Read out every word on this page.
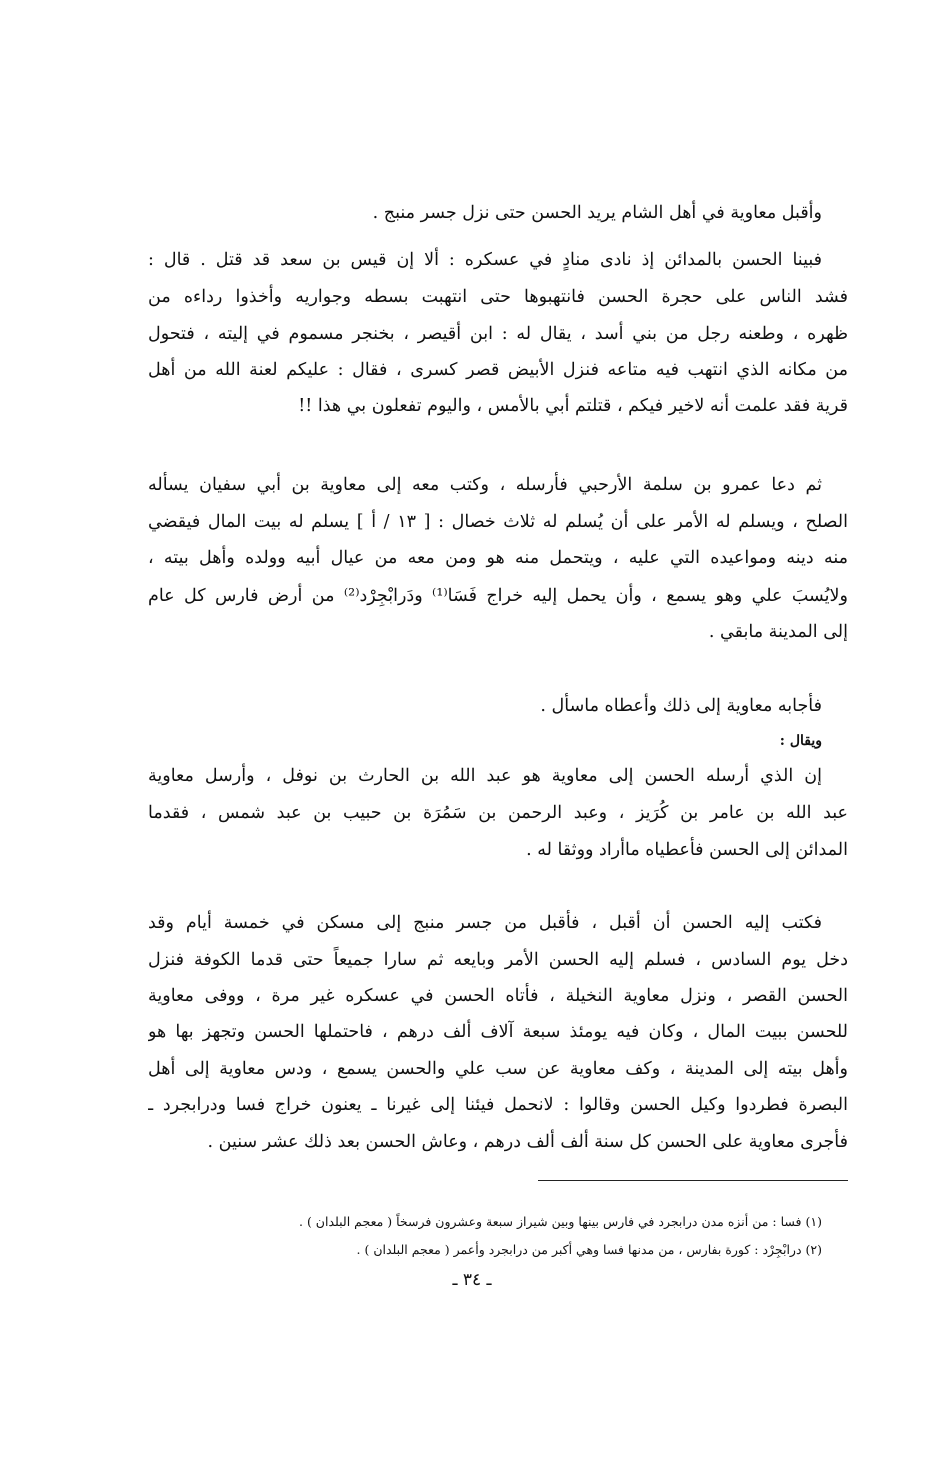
وأقبل معاوية في أهل الشام يريد الحسن حتى نزل جسر منبج .
فبينا الحسن بالمدائن إذ نادى منادٍ في عسكره : ألا إن قيس بن سعد قد قتل . قال :
فشد الناس على حجرة الحسن فانتهبوها حتى انتهبت بسطه وجواريه وأخذوا رداءه من
ظهره ، وطعنه رجل من بني أسد ، يقال له : ابن أقيصر ، بخنجر مسموم في إليته ، فتحول
من مكانه الذي انتهب فيه متاعه فنزل الأبيض قصر كسرى ، فقال : عليكم لعنة الله من أهل
قرية فقد علمت أنه لاخير فيكم ، قتلتم أبي بالأمس ، واليوم تفعلون بي هذا !!
ثم دعا عمرو بن سلمة الأرحبي فأرسله ، وكتب معه إلى معاوية بن أبي سفيان يسأله
الصلح ، ويسلم له الأمر على أن يُسلم له ثلاث خصال : [ ١٣ / أ ] يسلم له بيت المال فيقضي
منه دينه ومواعيده التي عليه ، ويتحمل منه هو ومن معه من عيال أبيه وولده وأهل بيته ،
ولايُسبَ علي وهو يسمع ، وأن يحمل إليه خراج فَسَا⁽¹⁾ ودَرابْجِرْد⁽²⁾ من أرض فارس كل عام
إلى المدينة مابقي .
فأجابه معاوية إلى ذلك وأعطاه ماسأل .
ويقال :
إن الذي أرسله الحسن إلى معاوية هو عبد الله بن الحارث بن نوفل ، وأرسل معاوية
عبد الله بن عامر بن كُرَيز ، وعبد الرحمن بن سَمُرَة بن حبيب بن عبد شمس ، فقدما
المدائن إلى الحسن فأعطياه ماأراد ووثقا له .
فكتب إليه الحسن أن أقبل ، فأقبل من جسر منبج إلى مسكن في خمسة أيام وقد
دخل يوم السادس ، فسلم إليه الحسن الأمر وبايعه ثم سارا جميعاً حتى قدما الكوفة فنزل
الحسن القصر ، ونزل معاوية النخيلة ، فأتاه الحسن في عسكره غير مرة ، ووفى معاوية
للحسن ببيت المال ، وكان فيه يومئذ سبعة آلاف ألف درهم ، فاحتملها الحسن وتجهز بها هو
وأهل بيته إلى المدينة ، وكف معاوية عن سب علي والحسن يسمع ، ودس معاوية إلى أهل
البصرة فطردوا وكيل الحسن وقالوا : لانحمل فيئنا إلى غيرنا ـ يعنون خراج فسا ودرابجرد ـ
فأجرى معاوية على الحسن كل سنة ألف ألف درهم ، وعاش الحسن بعد ذلك عشر سنين .
(١) فسا : من أنزه مدن درابجرد في فارس بينها وبين شيراز سبعة وعشرون فرسخاً ( معجم البلدان ) .
(٢) درابْجِرْد : كورة بفارس ، من مدنها فسا وهي أكبر من درابجرد وأعمر ( معجم البلدان ) .
ـ ٣٤ ـ
